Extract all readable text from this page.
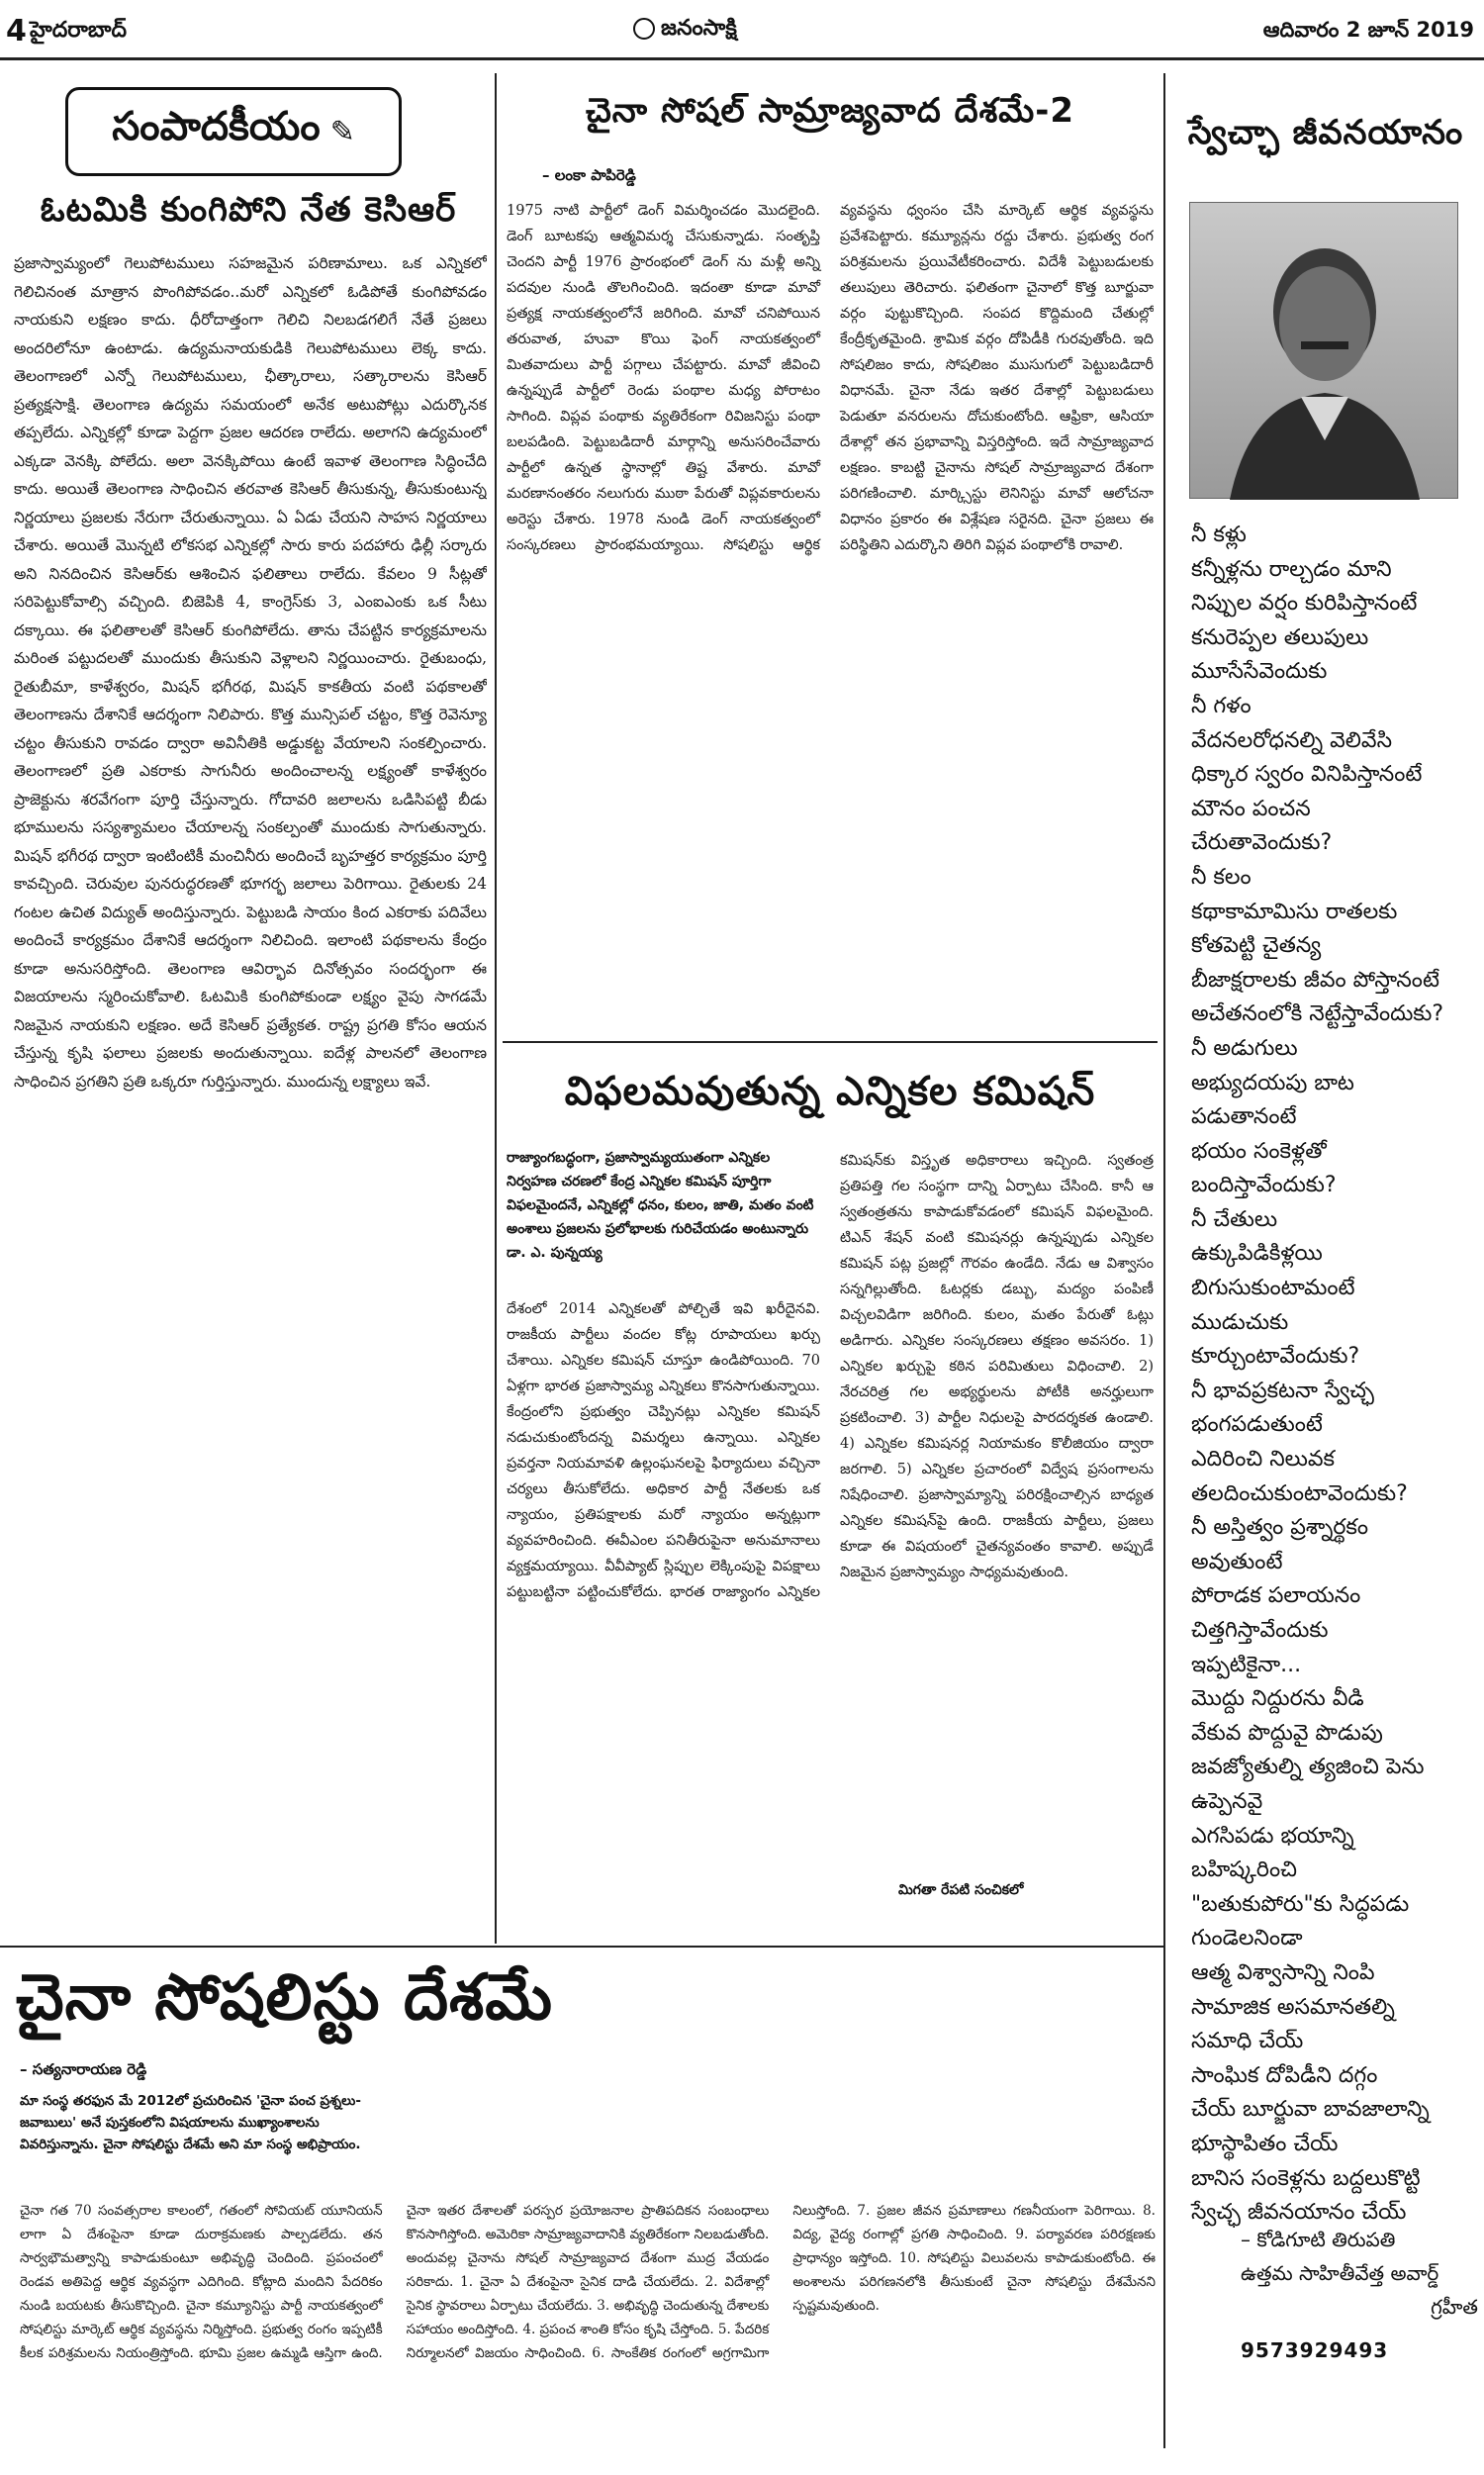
4 హైదరాబాద్	జనంసాక్షి	ఆదివారం 2 జూన్ 2019
సంపాదకీయం ✎
ఓటమికి కుంగిపోని నేత కెసిఆర్

ప్రజాస్వామ్యంలో గెలుపోటములు సహజమైన పరిణామాలు. ఒక ఎన్నికలో గెలిచినంత మాత్రాన పొంగిపోవడం..మరో ఎన్నికలో ఓడిపోతే కుంగిపోవడం నాయకుని లక్షణం కాదు. ధీరోదాత్తంగా గెలిచి నిలబడగలిగే నేతే ప్రజలు అందరిలోనూ ఉంటాడు. ఉద్యమనాయకుడికి గెలుపోటములు లెక్క కాదు. తెలంగాణలో ఎన్నో గెలుపోటములు, ఛీత్కారాలు, సత్కారాలను కెసిఆర్ ప్రత్యక్షసాక్షి. తెలంగాణ ఉద్యమ సమయంలో అనేక అటుపోట్లు ఎదుర్కొనక తప్పలేదు. ఎన్నికల్లో కూడా పెద్దగా ప్రజల ఆదరణ రాలేదు. అలాగని ఉద్యమంలో ఎక్కడా వెనక్కి పోలేదు. అలా వెనక్కిపోయి ఉంటే ఇవాళ తెలంగాణ సిద్ధించేది కాదు. అయితే తెలంగాణ సాధించిన తరవాత కెసిఆర్ తీసుకున్న, తీసుకుంటున్న నిర్ణయాలు ప్రజలకు నేరుగా చేరుతున్నాయి. ఏ ఏడు చేయని సాహస నిర్ణయాలు చేశారు. అయితే మొన్నటి లోకసభ ఎన్నికల్లో సారు కారు పదహారు ఢిల్లీ సర్కారు అని నినదించిన కెసిఆర్‌కు ఆశించిన ఫలితాలు రాలేదు. కేవలం 9 సీట్లతో సరిపెట్టుకోవాల్సి వచ్చింది. బిజెపికి 4, కాంగ్రెస్‌కు 3, ఎంఐఎంకు ఒక సీటు దక్కాయి. ఈ ఫలితాలతో కెసిఆర్ కుంగిపోలేదు. తాను చేపట్టిన కార్యక్రమాలను మరింత పట్టుదలతో ముందుకు తీసుకుని వెళ్లాలని నిర్ణయించారు. రైతుబంధు, రైతుబీమా, కాళేశ్వరం, మిషన్ భగీరథ, మిషన్ కాకతీయ వంటి పథకాలతో తెలంగాణను దేశానికే ఆదర్శంగా నిలిపారు. కొత్త మున్సిపల్ చట్టం, కొత్త రెవెన్యూ చట్టం తీసుకుని రావడం ద్వారా అవినీతికి అడ్డుకట్ట వేయాలని సంకల్పించారు. తెలంగాణలో ప్రతి ఎకరాకు సాగునీరు అందించాలన్న లక్ష్యంతో కాళేశ్వరం ప్రాజెక్టును శరవేగంగా పూర్తి చేస్తున్నారు. గోదావరి జలాలను ఒడిసిపట్టి బీడు భూములను సస్యశ్యామలం చేయాలన్న సంకల్పంతో ముందుకు సాగుతున్నారు. మిషన్ భగీరథ ద్వారా ఇంటింటికీ మంచినీరు అందించే బృహత్తర కార్యక్రమం పూర్తి కావచ్చింది. చెరువుల పునరుద్ధరణతో భూగర్భ జలాలు పెరిగాయి. రైతులకు 24 గంటల ఉచిత విద్యుత్ అందిస్తున్నారు. పెట్టుబడి సాయం కింద ఎకరాకు పదివేలు అందించే కార్యక్రమం దేశానికే ఆదర్శంగా నిలిచింది. ఇలాంటి పథకాలను కేంద్రం కూడా అనుసరిస్తోంది. తెలంగాణ ఆవిర్భావ దినోత్సవం సందర్భంగా ఈ విజయాలను స్మరించుకోవాలి. ఓటమికి కుంగిపోకుండా లక్ష్యం వైపు సాగడమే నిజమైన నాయకుని లక్షణం. అదే కెసిఆర్ ప్రత్యేకత. రాష్ట్ర ప్రగతి కోసం ఆయన చేస్తున్న కృషి ఫలాలు ప్రజలకు అందుతున్నాయి. ఐదేళ్ల పాలనలో తెలంగాణ సాధించిన ప్రగతిని ప్రతి ఒక్కరూ గుర్తిస్తున్నారు. ముందున్న లక్ష్యాలు ఇవే.

చైనా సోషల్ సామ్రాజ్యవాద దేశమే-2
– లంకా పాపిరెడ్డి

1975 నాటి పార్టీలో డెంగ్ విమర్శించడం మొదలైంది. డెంగ్ బూటకపు ఆత్మవిమర్శ చేసుకున్నాడు. సంతృప్తి చెందని పార్టీ 1976 ప్రారంభంలో డెంగ్ ను మళ్లీ అన్ని పదవుల నుండి తొలగించింది. ఇదంతా కూడా మావో ప్రత్యక్ష నాయకత్వంలోనే జరిగింది. మావో చనిపోయిన తరువాత, హువా కొయి ఫెంగ్ నాయకత్వంలో మితవాదులు పార్టీ పగ్గాలు చేపట్టారు. మావో జీవించి ఉన్నప్పుడే పార్టీలో రెండు పంథాల మధ్య పోరాటం సాగింది. విప్లవ పంథాకు వ్యతిరేకంగా రివిజనిస్టు పంథా బలపడింది. పెట్టుబడిదారీ మార్గాన్ని అనుసరించేవారు పార్టీలో ఉన్నత స్థానాల్లో తిష్ట వేశారు. మావో మరణానంతరం నలుగురు ముఠా పేరుతో విప్లవకారులను అరెస్టు చేశారు. 1978 నుండి డెంగ్ నాయకత్వంలో సంస్కరణలు ప్రారంభమయ్యాయి. సోషలిస్టు ఆర్థిక వ్యవస్థను ధ్వంసం చేసి మార్కెట్ ఆర్థిక వ్యవస్థను ప్రవేశపెట్టారు. కమ్యూన్లను రద్దు చేశారు. ప్రభుత్వ రంగ పరిశ్రమలను ప్రయివేటీకరించారు. విదేశీ పెట్టుబడులకు తలుపులు తెరిచారు. ఫలితంగా చైనాలో కొత్త బూర్జువా వర్గం పుట్టుకొచ్చింది. సంపద కొద్దిమంది చేతుల్లో కేంద్రీకృతమైంది. శ్రామిక వర్గం దోపిడీకి గురవుతోంది. ఇది సోషలిజం కాదు, సోషలిజం ముసుగులో పెట్టుబడిదారీ విధానమే. చైనా నేడు ఇతర దేశాల్లో పెట్టుబడులు పెడుతూ వనరులను దోచుకుంటోంది. ఆఫ్రికా, ఆసియా దేశాల్లో తన ప్రభావాన్ని విస్తరిస్తోంది. ఇదే సామ్రాజ్యవాద లక్షణం. కాబట్టి చైనాను సోషల్ సామ్రాజ్యవాద దేశంగా పరిగణించాలి. మార్క్సిస్టు లెనినిస్టు మావో ఆలోచనా విధానం ప్రకారం ఈ విశ్లేషణ సరైనది. చైనా ప్రజలు ఈ పరిస్థితిని ఎదుర్కొని తిరిగి విప్లవ పంథాలోకి రావాలి.

విఫలమవుతున్న ఎన్నికల కమిషన్
రాజ్యాంగబద్ధంగా, ప్రజాస్వామ్యయుతంగా ఎన్నికల నిర్వహణ చరణలో కేంద్ర ఎన్నికల కమిషన్ పూర్తిగా విఫలమైందనే, ఎన్నికల్లో ధనం, కులం, జాతి, మతం వంటి అంశాలు ప్రజలను ప్రలోభాలకు గురిచేయడం అంటున్నారు డా. ఎ. పున్నయ్య

దేశంలో 2014 ఎన్నికలతో పోల్చితే ఇవి ఖరీదైనవి. రాజకీయ పార్టీలు వందల కోట్ల రూపాయలు ఖర్చు చేశాయి. ఎన్నికల కమిషన్ చూస్తూ ఉండిపోయింది. 70 ఏళ్లగా భారత ప్రజాస్వామ్య ఎన్నికలు కొనసాగుతున్నాయి. కేంద్రంలోని ప్రభుత్వం చెప్పినట్లు ఎన్నికల కమిషన్ నడుచుకుంటోందన్న విమర్శలు ఉన్నాయి. ఎన్నికల ప్రవర్తనా నియమావళి ఉల్లంఘనలపై ఫిర్యాదులు వచ్చినా చర్యలు తీసుకోలేదు. అధికార పార్టీ నేతలకు ఒక న్యాయం, ప్రతిపక్షాలకు మరో న్యాయం అన్నట్లుగా వ్యవహరించింది. ఈవీఎంల పనితీరుపైనా అనుమానాలు వ్యక్తమయ్యాయి. వీవీప్యాట్ స్లిప్పుల లెక్కింపుపై విపక్షాలు పట్టుబట్టినా పట్టించుకోలేదు. భారత రాజ్యాంగం ఎన్నికల కమిషన్‌కు విస్తృత అధికారాలు ఇచ్చింది. స్వతంత్ర ప్రతిపత్తి గల సంస్థగా దాన్ని ఏర్పాటు చేసింది. కానీ ఆ స్వతంత్రతను కాపాడుకోవడంలో కమిషన్ విఫలమైంది. టిఎన్ శేషన్ వంటి కమిషనర్లు ఉన్నప్పుడు ఎన్నికల కమిషన్ పట్ల ప్రజల్లో గౌరవం ఉండేది. నేడు ఆ విశ్వాసం సన్నగిల్లుతోంది. ఓటర్లకు డబ్బు, మద్యం పంపిణీ విచ్చలవిడిగా జరిగింది. కులం, మతం పేరుతో ఓట్లు అడిగారు. ఎన్నికల సంస్కరణలు తక్షణం అవసరం. 1) ఎన్నికల ఖర్చుపై కఠిన పరిమితులు విధించాలి. 2) నేరచరిత్ర గల అభ్యర్థులను పోటీకి అనర్హులుగా ప్రకటించాలి. 3) పార్టీల నిధులపై పారదర్శకత ఉండాలి. 4) ఎన్నికల కమిషనర్ల నియామకం కొలీజియం ద్వారా జరగాలి. 5) ఎన్నికల ప్రచారంలో విద్వేష ప్రసంగాలను నిషేధించాలి. ప్రజాస్వామ్యాన్ని పరిరక్షించాల్సిన బాధ్యత ఎన్నికల కమిషన్‌పై ఉంది. రాజకీయ పార్టీలు, ప్రజలు కూడా ఈ విషయంలో చైతన్యవంతం కావాలి. అప్పుడే నిజమైన ప్రజాస్వామ్యం సాధ్యమవుతుంది.

మిగతా రేపటి సంచికలో
స్వేచ్ఛా జీవనయానం
నీ కళ్లు
కన్నీళ్లను రాల్చడం మాని
నిప్పుల వర్షం కురిపిస్తానంటే
కనురెప్పల తలుపులు
మూసేసేవెందుకు
నీ గళం
వేదనలరోధనల్ని వెలివేసి
ధిక్కార స్వరం వినిపిస్తానంటే
మౌనం పంచన
చేరుతావెందుకు?
నీ కలం
కథాకామామిసు రాతలకు
కోతపెట్టి చైతన్య
బీజాక్షరాలకు జీవం పోస్తానంటే
అచేతనంలోకి నెట్టేస్తావేందుకు?
నీ అడుగులు
అభ్యుదయపు బాట
పడుతానంటే
భయం సంకెళ్లతో
బందిస్తావేందుకు?
నీ చేతులు
ఉక్కుపిడికిళ్లయి
బిగుసుకుంటామంటే
ముడుచుకు
కూర్చుంటావేందుకు?
నీ భావప్రకటనా స్వేచ్ఛ
భంగపడుతుంటే
ఎదిరించి నిలువక
తలదించుకుంటావెందుకు?
నీ అస్తిత్వం ప్రశ్నార్థకం
అవుతుంటే
పోరాడక పలాయనం
చిత్తగిస్తావేందుకు
ఇప్పటికైనా...
మొద్దు నిద్దురను వీడి
వేకువ పొద్దువై పొడుపు
జవజ్యోతుల్ని త్యజించి పెను
ఉప్పెనవై
ఎగసిపడు భయాన్ని
బహిష్కరించి
"బతుకుపోరు"కు సిద్ధపడు
గుండెలనిండా
ఆత్మ విశ్వాసాన్ని నింపి
సామాజిక అసమానతల్ని
సమాధి చేయ్
సాంఘిక దోపిడీని దగ్గం
చేయ్ బూర్జువా బావజాలాన్ని
భూస్థాపితం చేయ్
బానిస సంకెళ్లను బద్దలుకొట్టి
స్వేచ్ఛ జీవనయానం చేయ్
– కోడిగూటి తిరుపతి
ఉత్తమ సాహితీవేత్త అవార్డ్
గ్రహీత
9573929493
చైనా సోషలిస్టు దేశమే
– సత్యనారాయణ రెడ్డి
మా సంస్థ తరఫున మే 2012లో ప్రచురించిన 'చైనా పంచ ప్రశ్నలు-జవాబులు' అనే పుస్తకంలోని విషయాలను ముఖ్యాంశాలను వివరిస్తున్నాను. చైనా సోషలిస్టు దేశమే అని మా సంస్థ అభిప్రాయం.

చైనా గత 70 సంవత్సరాల కాలంలో, గతంలో సోవియట్ యూనియన్ లాగా ఏ దేశంపైనా కూడా దురాక్రమణకు పాల్పడలేదు. తన సార్వభౌమత్వాన్ని కాపాడుకుంటూ అభివృద్ధి చెందింది. ప్రపంచంలో రెండవ అతిపెద్ద ఆర్థిక వ్యవస్థగా ఎదిగింది. కోట్లాది మందిని పేదరికం నుండి బయటకు తీసుకొచ్చింది. చైనా కమ్యూనిస్టు పార్టీ నాయకత్వంలో సోషలిస్టు మార్కెట్ ఆర్థిక వ్యవస్థను నిర్మిస్తోంది. ప్రభుత్వ రంగం ఇప్పటికీ కీలక పరిశ్రమలను నియంత్రిస్తోంది. భూమి ప్రజల ఉమ్మడి ఆస్తిగా ఉంది. చైనా ఇతర దేశాలతో పరస్పర ప్రయోజనాల ప్రాతిపదికన సంబంధాలు కొనసాగిస్తోంది. అమెరికా సామ్రాజ్యవాదానికి వ్యతిరేకంగా నిలబడుతోంది. అందువల్ల చైనాను సోషల్ సామ్రాజ్యవాద దేశంగా ముద్ర వేయడం సరికాదు. 1. చైనా ఏ దేశంపైనా సైనిక దాడి చేయలేదు. 2. విదేశాల్లో సైనిక స్థావరాలు ఏర్పాటు చేయలేదు. 3. అభివృద్ధి చెందుతున్న దేశాలకు సహాయం అందిస్తోంది. 4. ప్రపంచ శాంతి కోసం కృషి చేస్తోంది. 5. పేదరిక నిర్మూలనలో విజయం సాధించింది. 6. సాంకేతిక రంగంలో అగ్రగామిగా నిలుస్తోంది. 7. ప్రజల జీవన ప్రమాణాలు గణనీయంగా పెరిగాయి. 8. విద్య, వైద్య రంగాల్లో ప్రగతి సాధించింది. 9. పర్యావరణ పరిరక్షణకు ప్రాధాన్యం ఇస్తోంది. 10. సోషలిస్టు విలువలను కాపాడుకుంటోంది. ఈ అంశాలను పరిగణనలోకి తీసుకుంటే చైనా సోషలిస్టు దేశమేనని స్పష్టమవుతుంది.
